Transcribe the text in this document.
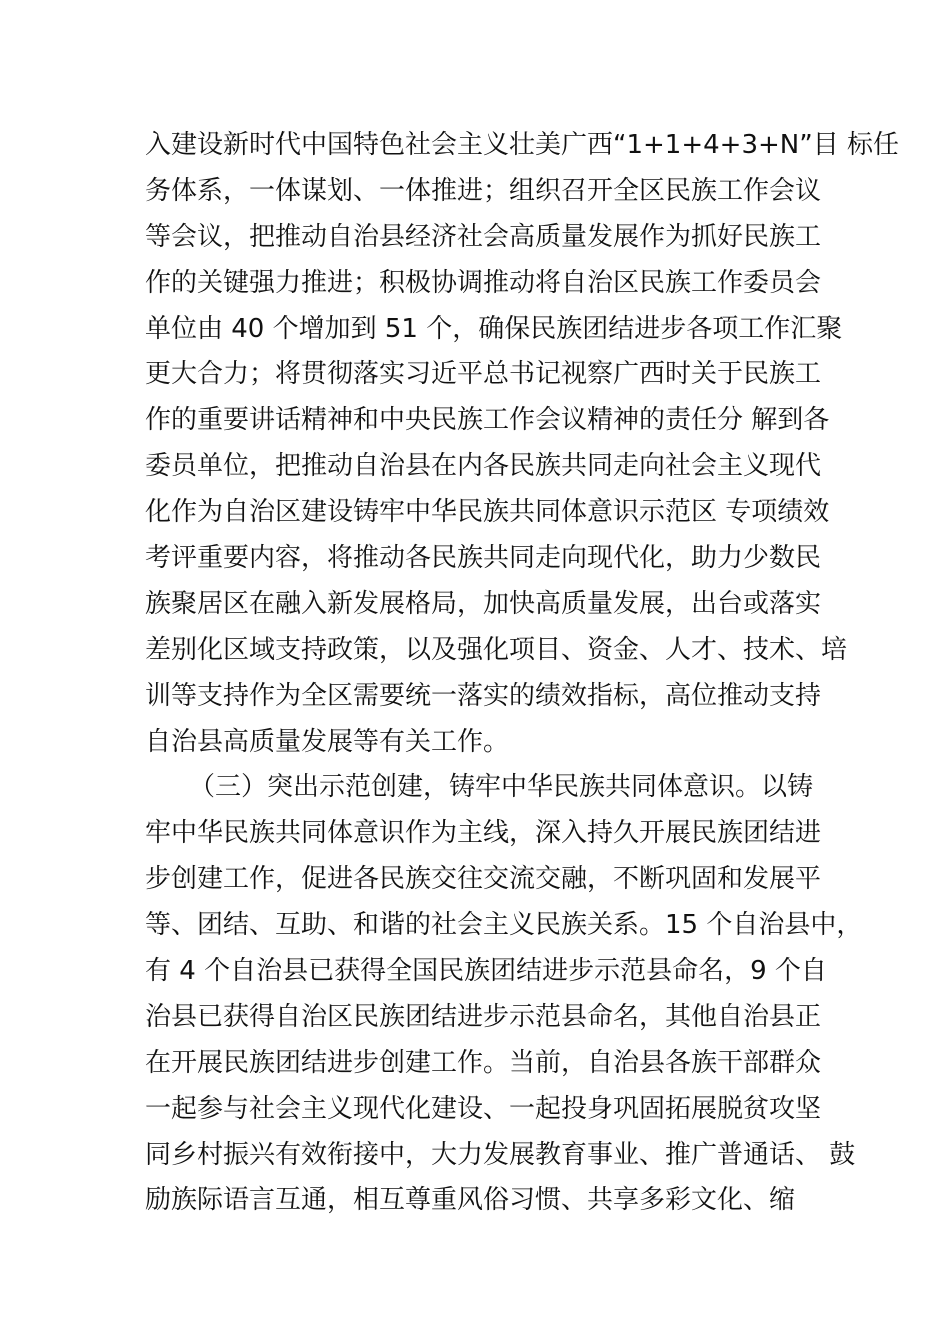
入建设新时代中国特色社会主义壮美广西“1+1+4+3+N”目 标任
务体系，一体谋划、一体推进；组织召开全区民族工作会议
等会议，把推动自治县经济社会高质量发展作为抓好民族工
作的关键强力推进；积极协调推动将自治区民族工作委员会
单位由 40 个增加到 51 个，确保民族团结进步各项工作汇聚
更大合力；将贯彻落实习近平总书记视察广西时关于民族工
作的重要讲话精神和中央民族工作会议精神的责任分 解到各
委员单位，把推动自治县在内各民族共同走向社会主义现代
化作为自治区建设铸牢中华民族共同体意识示范区 专项绩效
考评重要内容，将推动各民族共同走向现代化，助力少数民
族聚居区在融入新发展格局，加快高质量发展，出台或落实
差别化区域支持政策，以及强化项目、资金、人才、技术、培
训等支持作为全区需要统一落实的绩效指标，高位推动支持
自治县高质量发展等有关工作。
（三）突出示范创建，铸牢中华民族共同体意识。以铸
牢中华民族共同体意识作为主线，深入持久开展民族团结进
步创建工作，促进各民族交往交流交融，不断巩固和发展平
等、团结、互助、和谐的社会主义民族关系。15 个自治县中，
有 4 个自治县已获得全国民族团结进步示范县命名，9 个自
治县已获得自治区民族团结进步示范县命名，其他自治县正
在开展民族团结进步创建工作。当前，自治县各族干部群众
一起参与社会主义现代化建设、一起投身巩固拓展脱贫攻坚
同乡村振兴有效衔接中，大力发展教育事业、推广普通话、 鼓
励族际语言互通，相互尊重风俗习惯、共享多彩文化、缩
